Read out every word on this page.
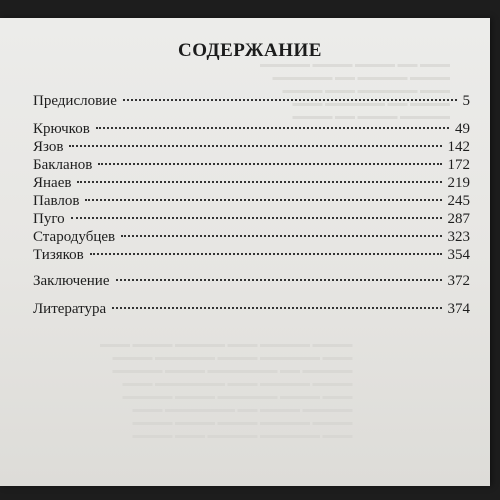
▬▬▬ ▬▬ ▬▬▬▬ ▬▬▬▬ ▬▬▬▬▬
▬▬▬▬ ▬▬▬▬▬ ▬▬ ▬▬▬▬▬▬
▬▬▬ ▬▬▬▬▬▬ ▬▬▬ ▬▬▬▬
▬▬▬▬ ▬▬ ▬▬▬▬▬▬ ▬▬▬
▬▬▬▬▬ ▬▬▬▬ ▬▬ ▬▬▬▬
▬▬▬▬ ▬▬▬▬▬ ▬▬▬ ▬▬▬▬▬ ▬▬▬▬ ▬▬▬
▬▬▬ ▬▬▬▬▬▬ ▬▬▬▬ ▬▬▬▬▬▬ ▬▬▬▬
▬▬▬▬▬ ▬▬ ▬▬▬▬▬▬▬ ▬▬▬▬ ▬▬▬▬▬
▬▬▬▬ ▬▬▬▬▬ ▬▬▬ ▬▬▬▬▬▬▬ ▬▬▬
▬▬▬ ▬▬▬▬ ▬▬▬▬▬▬ ▬▬▬▬ ▬▬▬▬▬
▬▬▬▬▬ ▬▬▬▬ ▬▬ ▬▬▬▬▬▬▬ ▬▬▬
▬▬▬▬ ▬▬▬▬▬ ▬▬▬▬ ▬▬▬▬ ▬▬▬▬
▬▬▬ ▬▬▬▬▬▬ ▬▬▬▬▬ ▬▬▬ ▬▬▬▬
СОДЕРЖАНИЕ
Предисловие	5
Крючков	49
Язов	142
Бакланов	172
Янаев	219
Павлов	245
Пуго	287
Стародубцев	323
Тизяков	354
Заключение	372
Литература	374
